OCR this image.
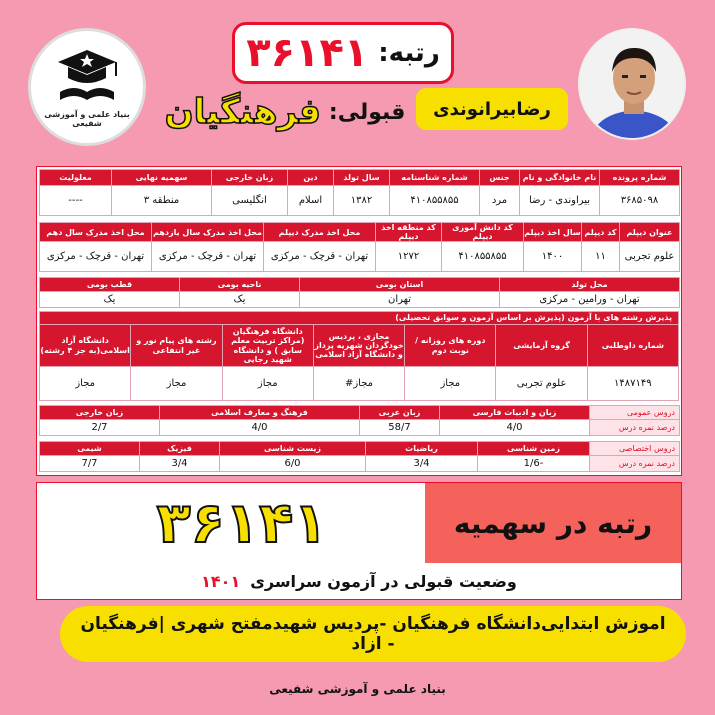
بنیاد علمی و آموزشی شفیعی
رتبه:
۳۶۱۴۱
قبولی:
فرهنگیان	رضابیرانوندی
شماره پرونده	نام خانوادگی و نام	جنس	شماره شناسنامه	سال تولد	دین	زبان خارجی	سهمیه نهایی	معلولیت
۳۶۸۵۰۹۸	بیراوندی - رضا	مرد	۴۱۰۸۵۵۸۵۵	۱۳۸۲	اسلام	انگلیسی	منطقه ۳	----
عنوان دیپلم	کد دیپلم	سال اخذ دیپلم	کد دانش آموزی دیپلم	کد منطقه اخذ دیپلم	محل اخذ مدرک دیپلم	محل اخذ مدرک سال یازدهم	محل اخذ مدرک سال دهم
علوم تجربی	۱۱	۱۴۰۰	۴۱۰۸۵۵۸۵۵	۱۲۷۲	تهران - قرچک - مرکزی	تهران - قرچک - مرکزی	تهران - قرچک - مرکزی
محل تولد	استان بومی	ناحیه بومی	قطب بومی
تهران - ورامین - مرکزی	تهران	یک	یک
پذیرش رشته های با آزمون (پذیرش بر اساس آزمون و سوابق تحصیلی)						
شماره داوطلبی	گروه آزمایشی	دوره های روزانه / نوبت دوم	مجازی ، پردیس خودگردان شهریه پرداز و دانشگاه آزاد اسلامی	دانشگاه فرهنگیان (مراکز تربیت معلم سابق ) و دانشگاه شهید رجایی	رشته های پیام نور و غیر انتفاعی	دانشگاه آزاد اسلامی(به جز ۴ رشته)
۱۴۸۷۱۴۹	علوم تجربی	مجاز	مجاز#	مجاز	مجاز	مجاز
دروس عمومی	زبان و ادبیات فارسی	زبان عربی	فرهنگ و معارف اسلامی	زبان خارجی
درصد نمره درس	4/0	58/7	4/0	2/7
دروس اختصاصی	زمین شناسی	ریاضیات	زیست شناسی	فیزیک	شیمی
درصد نمره درس	-1/6	3/4	6/0	3/4	7/7
رتبه در سهمیه
۳۶۱۴۱
وضعیت قبولی در آزمون سراسری
۱۴۰۱
اموزش ابتدایی‌دانشگاه فرهنگیان -پردیس شهیدمفتح شهری |فرهنگیان - ازاد
بنیاد علمی و آموزشی شفیعی
